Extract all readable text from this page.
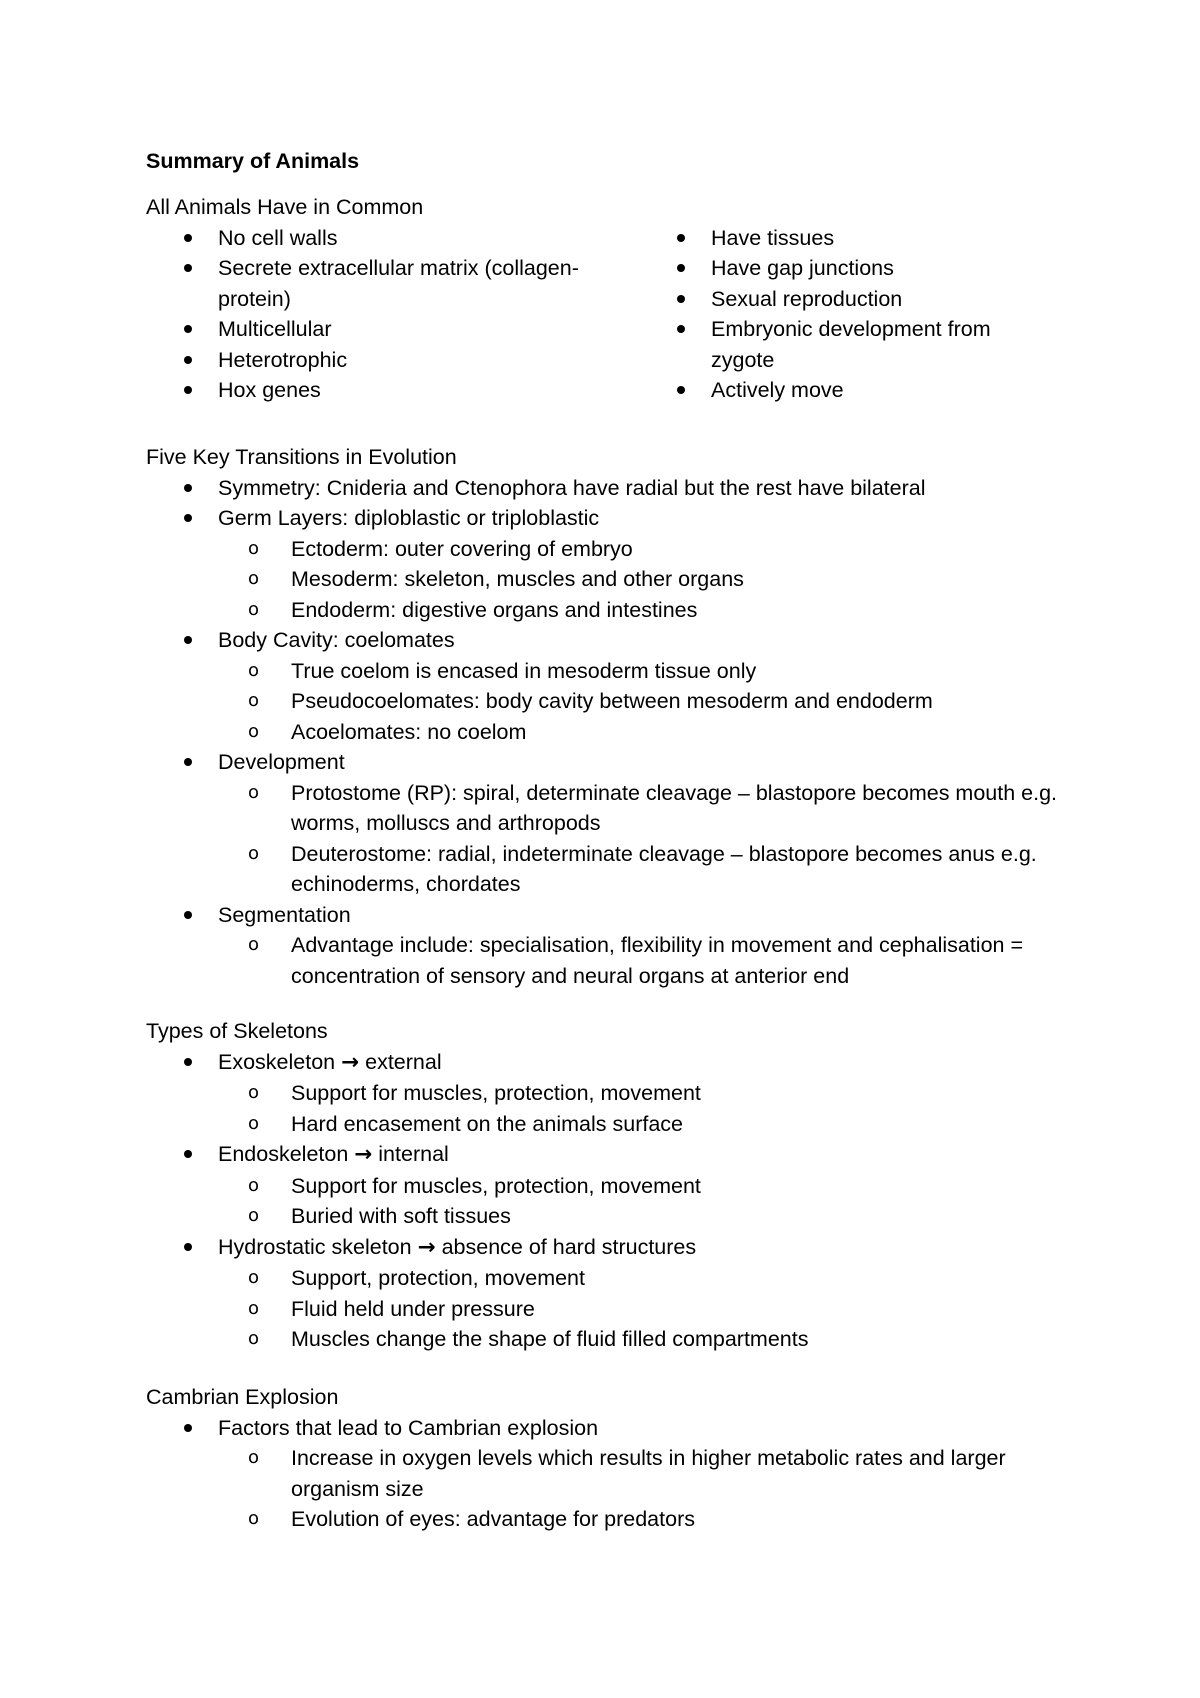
Summary of Animals

All Animals Have in Common

No cell walls
Secrete extracellular matrix (collagen-protein)
Multicellular
Heterotrophic
Hox genes
Have tissues
Have gap junctions
Sexual reproduction
Embryonic development from zygote
Actively move

Five Key Transitions in Evolution

Symmetry: Cnideria and Ctenophora have radial but the rest have bilateral
Germ Layers: diploblastic or triploblastic
o Ectoderm: outer covering of embryo
o Mesoderm: skeleton, muscles and other organs
o Endoderm: digestive organs and intestines
Body Cavity: coelomates
o True coelom is encased in mesoderm tissue only
o Pseudocoelomates: body cavity between mesoderm and endoderm
o Acoelomates: no coelom
Development
o Protostome (RP): spiral, determinate cleavage – blastopore becomes mouth e.g. worms, molluscs and arthropods
o Deuterostome: radial, indeterminate cleavage – blastopore becomes anus e.g. echinoderms, chordates
Segmentation
o Advantage include: specialisation, flexibility in movement and cephalisation = concentration of sensory and neural organs at anterior end

Types of Skeletons

Exoskeleton → external
o Support for muscles, protection, movement
o Hard encasement on the animals surface
Endoskeleton → internal
o Support for muscles, protection, movement
o Buried with soft tissues
Hydrostatic skeleton → absence of hard structures
o Support, protection, movement
o Fluid held under pressure
o Muscles change the shape of fluid filled compartments

Cambrian Explosion

Factors that lead to Cambrian explosion
o Increase in oxygen levels which results in higher metabolic rates and larger organism size
o Evolution of eyes: advantage for predators
